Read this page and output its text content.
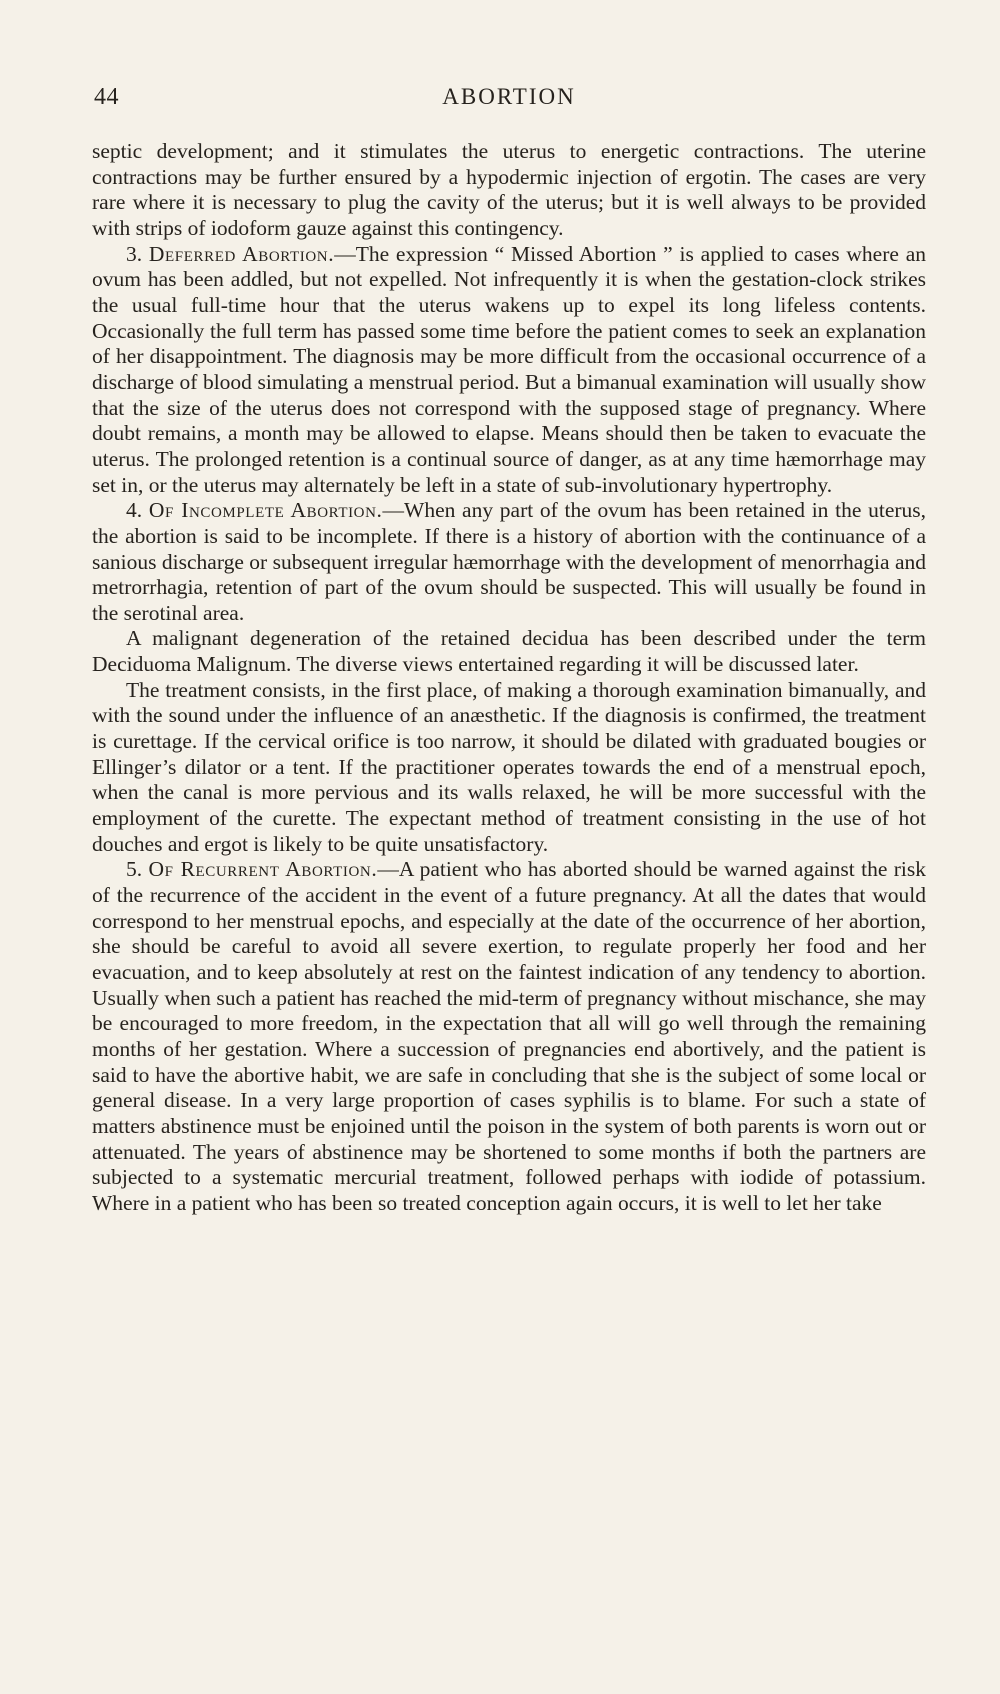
44	ABORTION

septic development; and it stimulates the uterus to energetic contractions. The uterine contractions may be further ensured by a hypodermic injection of ergotin. The cases are very rare where it is necessary to plug the cavity of the uterus; but it is well always to be provided with strips of iodoform gauze against this contingency.

3. Deferred Abortion.—The expression “ Missed Abortion ” is applied to cases where an ovum has been addled, but not expelled. Not infrequently it is when the gestation-clock strikes the usual full-time hour that the uterus wakens up to expel its long lifeless contents. Occasionally the full term has passed some time before the patient comes to seek an explanation of her disappointment. The diagnosis may be more difficult from the occasional occurrence of a discharge of blood simulating a menstrual period. But a bimanual examination will usually show that the size of the uterus does not correspond with the supposed stage of pregnancy. Where doubt remains, a month may be allowed to elapse. Means should then be taken to evacuate the uterus. The prolonged retention is a continual source of danger, as at any time hæmorrhage may set in, or the uterus may alternately be left in a state of sub-involutionary hypertrophy.

4. Of Incomplete Abortion.—When any part of the ovum has been retained in the uterus, the abortion is said to be incomplete. If there is a history of abortion with the continuance of a sanious discharge or subsequent irregular hæmorrhage with the development of menorrhagia and metrorrhagia, retention of part of the ovum should be suspected. This will usually be found in the serotinal area.

A malignant degeneration of the retained decidua has been described under the term Deciduoma Malignum. The diverse views entertained regarding it will be discussed later.

The treatment consists, in the first place, of making a thorough examination bimanually, and with the sound under the influence of an anæsthetic. If the diagnosis is confirmed, the treatment is curettage. If the cervical orifice is too narrow, it should be dilated with graduated bougies or Ellinger’s dilator or a tent. If the practitioner operates towards the end of a menstrual epoch, when the canal is more pervious and its walls relaxed, he will be more successful with the employment of the curette. The expectant method of treatment consisting in the use of hot douches and ergot is likely to be quite unsatisfactory.

5. Of Recurrent Abortion.—A patient who has aborted should be warned against the risk of the recurrence of the accident in the event of a future pregnancy. At all the dates that would correspond to her menstrual epochs, and especially at the date of the occurrence of her abortion, she should be careful to avoid all severe exertion, to regulate properly her food and her evacuation, and to keep absolutely at rest on the faintest indication of any tendency to abortion. Usually when such a patient has reached the mid-term of pregnancy without mischance, she may be encouraged to more freedom, in the expectation that all will go well through the remaining months of her gestation. Where a succession of pregnancies end abortively, and the patient is said to have the abortive habit, we are safe in concluding that she is the subject of some local or general disease. In a very large proportion of cases syphilis is to blame. For such a state of matters abstinence must be enjoined until the poison in the system of both parents is worn out or attenuated. The years of abstinence may be shortened to some months if both the partners are subjected to a systematic mercurial treatment, followed perhaps with iodide of potassium. Where in a patient who has been so treated conception again occurs, it is well to let her take
